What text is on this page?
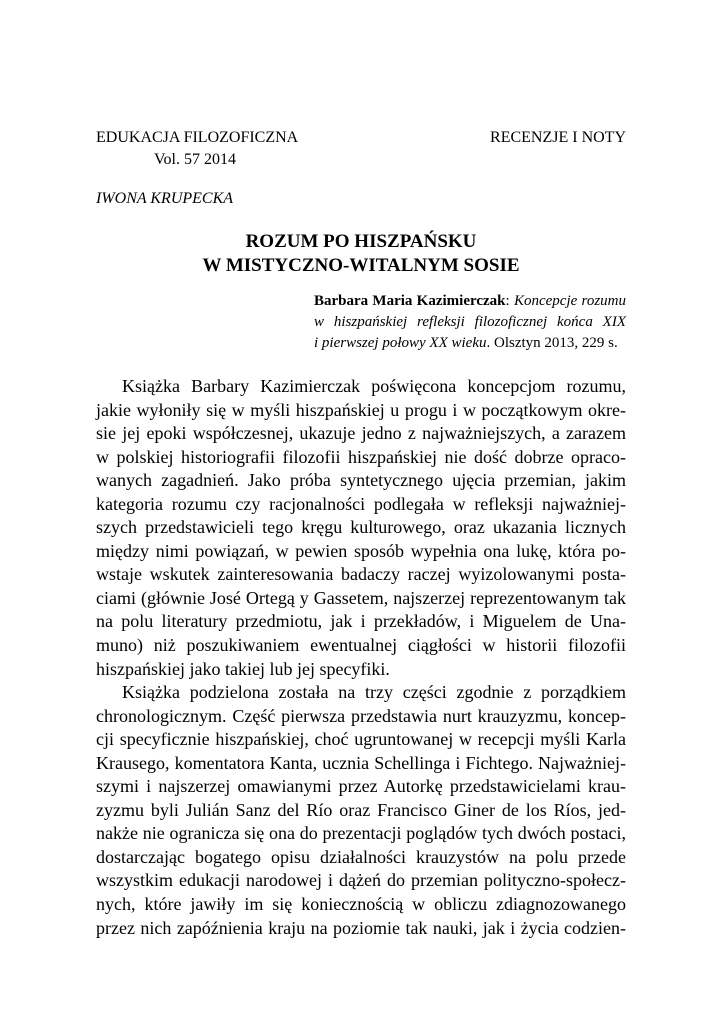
EDUKACJA FILOZOFICZNA	RECENZJE I NOTY
Vol. 57 2014
IWONA KRUPECKA
ROZUM PO HISZPAŃSKU
W MISTYCZNO-WITALNYM SOSIE
Barbara Maria Kazimierczak: Koncepcje rozumu
w hiszpańskiej refleksji filozoficznej końca XIX
i pierwszej połowy XX wieku. Olsztyn 2013, 229 s.
Książka Barbary Kazimierczak poświęcona koncepcjom rozumu,
jakie wyłoniły się w myśli hiszpańskiej u progu i w początkowym okre-
sie jej epoki współczesnej, ukazuje jedno z najważniejszych, a zarazem
w polskiej historiografii filozofii hiszpańskiej nie dość dobrze opraco-
wanych zagadnień. Jako próba syntetycznego ujęcia przemian, jakim
kategoria rozumu czy racjonalności podlegała w refleksji najważniej-
szych przedstawicieli tego kręgu kulturowego, oraz ukazania licznych
między nimi powiązań, w pewien sposób wypełnia ona lukę, która po-
wstaje wskutek zainteresowania badaczy raczej wyizolowanymi posta-
ciami (głównie José Ortegą y Gassetem, najszerzej reprezentowanym tak
na polu literatury przedmiotu, jak i przekładów, i Miguelem de Una-
muno) niż poszukiwaniem ewentualnej ciągłości w historii filozofii
hiszpańskiej jako takiej lub jej specyfiki.
Książka podzielona została na trzy części zgodnie z porządkiem
chronologicznym. Część pierwsza przedstawia nurt krauzyzmu, koncep-
cji specyficznie hiszpańskiej, choć ugruntowanej w recepcji myśli Karla
Krausego, komentatora Kanta, ucznia Schellinga i Fichtego. Najważniej-
szymi i najszerzej omawianymi przez Autorkę przedstawicielami krau-
zyzmu byli Julián Sanz del Río oraz Francisco Giner de los Ríos, jed-
nakże nie ogranicza się ona do prezentacji poglądów tych dwóch postaci,
dostarczając bogatego opisu działalności krauzystów na polu przede
wszystkim edukacji narodowej i dążeń do przemian polityczno-społecz-
nych, które jawiły im się koniecznością w obliczu zdiagnozowanego
przez nich zapóźnienia kraju na poziomie tak nauki, jak i życia codzien-
